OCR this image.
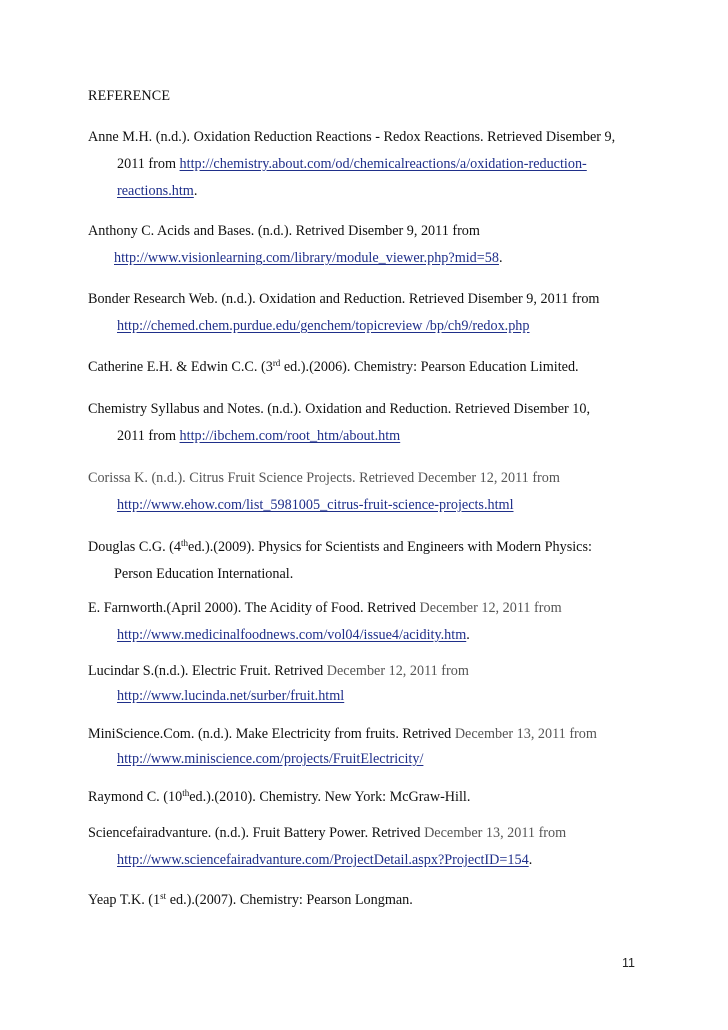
REFERENCE
Anne M.H. (n.d.). Oxidation Reduction Reactions - Redox Reactions. Retrieved Disember 9,
2011 from http://chemistry.about.com/od/chemicalreactions/a/oxidation-reduction-
reactions.htm.
Anthony C. Acids and Bases. (n.d.). Retrived Disember 9, 2011 from
http://www.visionlearning.com/library/module_viewer.php?mid=58.
Bonder Research Web. (n.d.). Oxidation and Reduction. Retrieved Disember 9, 2011 from
http://chemed.chem.purdue.edu/genchem/topicreview /bp/ch9/redox.php
Catherine E.H. & Edwin C.C. (3rd ed.).(2006). Chemistry: Pearson Education Limited.
Chemistry Syllabus and Notes. (n.d.). Oxidation and Reduction. Retrieved Disember 10,
2011 from http://ibchem.com/root_htm/about.htm
Corissa K. (n.d.). Citrus Fruit Science Projects. Retrieved December 12, 2011 from
http://www.ehow.com/list_5981005_citrus-fruit-science-projects.html
Douglas C.G. (4thed.).(2009). Physics for Scientists and Engineers with Modern Physics:
Person Education International.
E. Farnworth.(April 2000). The Acidity of Food. Retrived December 12, 2011 from
http://www.medicinalfoodnews.com/vol04/issue4/acidity.htm.
Lucindar S.(n.d.). Electric Fruit. Retrived December 12, 2011 from
http://www.lucinda.net/surber/fruit.html
MiniScience.Com. (n.d.). Make Electricity from fruits. Retrived December 13, 2011 from
http://www.miniscience.com/projects/FruitElectricity/
Raymond C. (10thed.).(2010). Chemistry. New York: McGraw-Hill.
Sciencefairadvanture. (n.d.). Fruit Battery Power. Retrived December 13, 2011 from
http://www.sciencefairadvanture.com/ProjectDetail.aspx?ProjectID=154.
Yeap T.K. (1st ed.).(2007). Chemistry: Pearson Longman.
11
